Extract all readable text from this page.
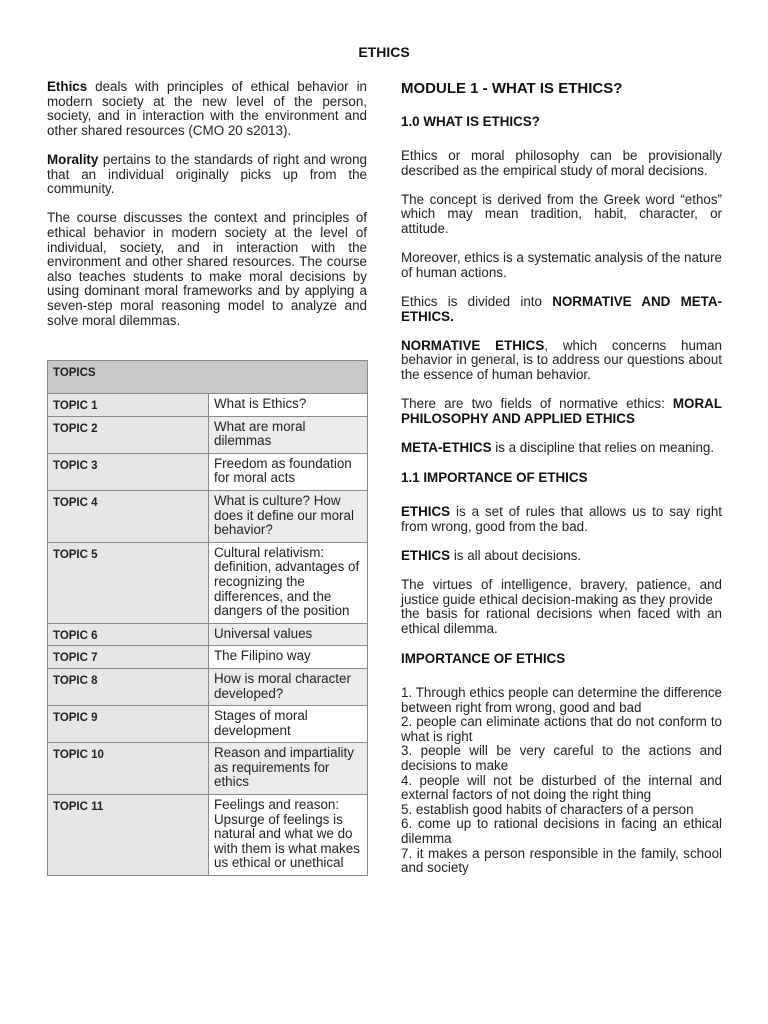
ETHICS

Ethics deals with principles of ethical behavior in modern society at the new level of the person, society, and in interaction with the environment and other shared resources (CMO 20 s2013).

Morality pertains to the standards of right and wrong that an individual originally picks up from the community.

The course discusses the context and principles of ethical behavior in modern society at the level of individual, society, and in interaction with the environment and other shared resources. The course also teaches students to make moral decisions by using dominant moral frameworks and by applying a seven-step moral reasoning model to analyze and solve moral dilemmas.

TOPICS	
TOPIC 1	What is Ethics?
TOPIC 2	What are moral dilemmas
TOPIC 3	Freedom as foundation for moral acts
TOPIC 4	What is culture? How does it define our moral behavior?
TOPIC 5	Cultural relativism: definition, advantages of recognizing the differences, and the dangers of the position
TOPIC 6	Universal values
TOPIC 7	The Filipino way
TOPIC 8	How is moral character developed?
TOPIC 9	Stages of moral development
TOPIC 10	Reason and impartiality as requirements for ethics
TOPIC 11	Feelings and reason: Upsurge of feelings is natural and what we do with them is what makes us ethical or unethical
MODULE 1 - WHAT IS ETHICS?
1.0 WHAT IS ETHICS?

Ethics or moral philosophy can be provisionally described as the empirical study of moral decisions.

The concept is derived from the Greek word “ethos” which may mean tradition, habit, character, or attitude.

Moreover, ethics is a systematic analysis of the nature of human actions.

Ethics is divided into NORMATIVE AND META-ETHICS.

NORMATIVE ETHICS, which concerns human behavior in general, is to address our questions about the essence of human behavior.

There are two fields of normative ethics: MORAL PHILOSOPHY AND APPLIED ETHICS

META-ETHICS is a discipline that relies on meaning.

1.1 IMPORTANCE OF ETHICS

ETHICS is a set of rules that allows us to say right from wrong, good from the bad.

ETHICS is all about decisions.

The virtues of intelligence, bravery, patience, and justice guide ethical decision-making as they provide
the basis for rational decisions when faced with an ethical dilemma.

IMPORTANCE OF ETHICS

1. Through ethics people can determine the difference between right from wrong, good and bad

2. people can eliminate actions that do not conform to what is right

3. people will be very careful to the actions and decisions to make

4. people will not be disturbed of the internal and external factors of not doing the right thing

5. establish good habits of characters of a person

6. come up to rational decisions in facing an ethical dilemma

7. it makes a person responsible in the family, school and society
